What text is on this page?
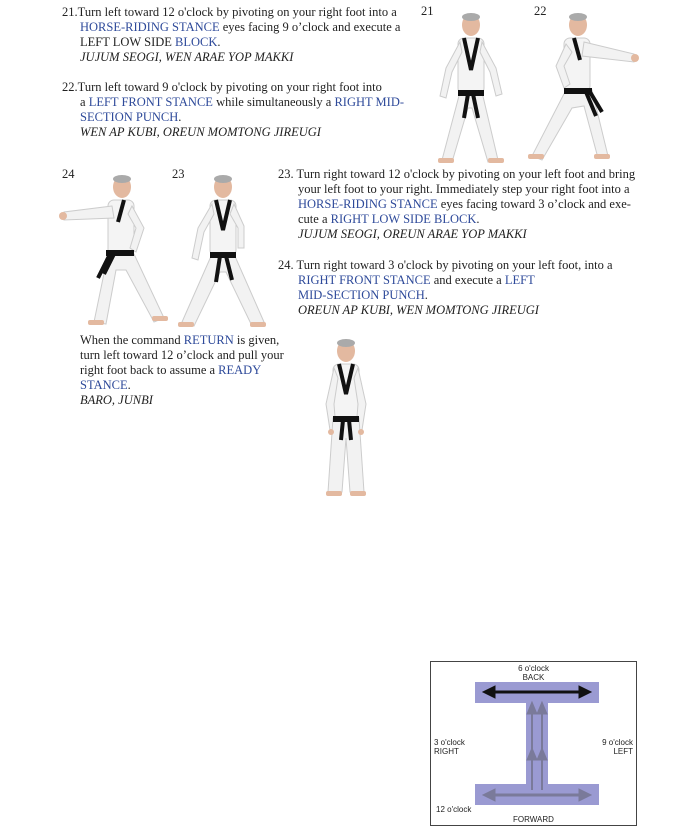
21.Turn left toward 12 o'clock by pivoting on your right foot into a
HORSE-RIDING STANCE eyes facing 9 o’clock and execute a
LEFT LOW SIDE BLOCK.
JUJUM SEOGI, WEN ARAE YOP MAKKI
22.Turn left toward 9 o'clock by pivoting on your right foot into
a LEFT FRONT STANCE while simultaneously a RIGHT MID-
SECTION PUNCH.
WEN AP KUBI, OREUN MOMTONG JIREUGI
21	22
24	23	23. Turn right toward 12 o'clock by pivoting on your left foot and bring
your left foot to your right. Immediately step your right foot into a
HORSE-RIDING STANCE eyes facing toward 3 o’clock and exe-
cute a RIGHT LOW SIDE BLOCK.
JUJUM SEOGI, OREUN ARAE YOP MAKKI
24. Turn right toward 3 o'clock by pivoting on your left foot, into a
RIGHT FRONT STANCE and execute a LEFT
MID-SECTION PUNCH.
OREUN AP KUBI, WEN MOMTONG JIREUGI
When the command RETURN is given,
turn left toward 12 o’clock and pull your
right foot back to assume a READY
STANCE.
BARO, JUNBI
6 o'clock
BACK
3 o'clock
RIGHT
9 o'clock
LEFT
12 o'clock
FORWARD
